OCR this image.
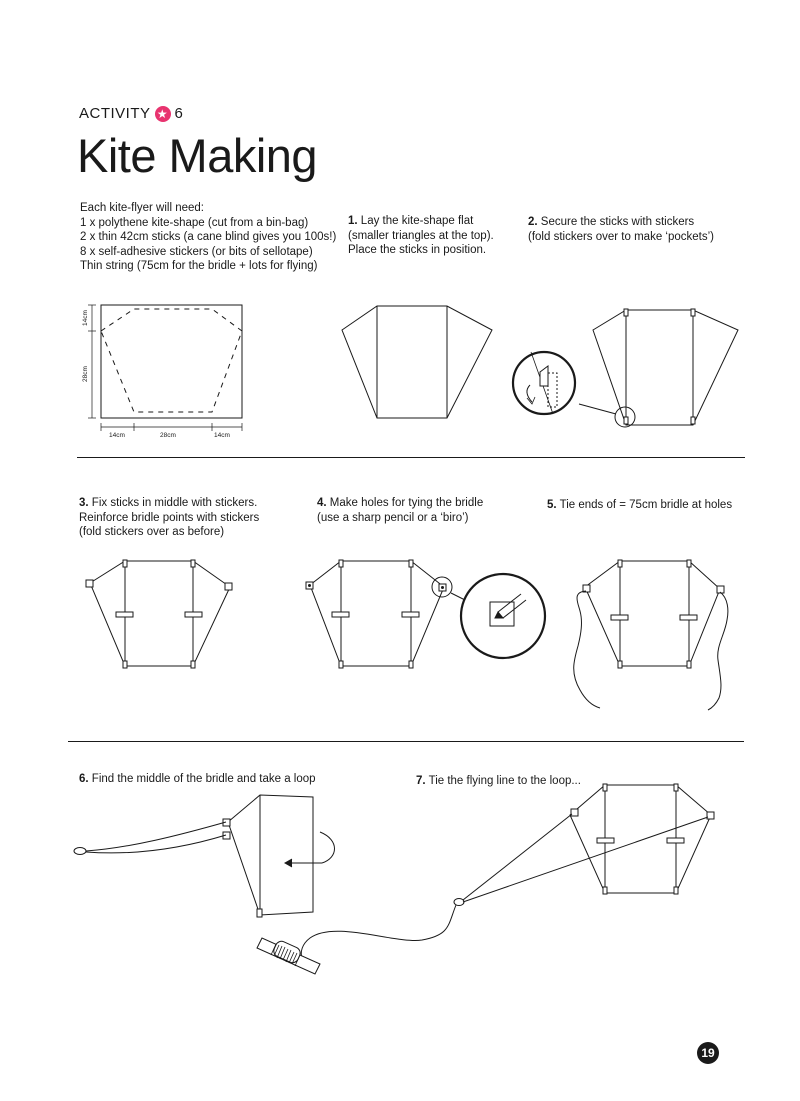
ACTIVITY ★ 6
Kite Making
Each kite-flyer will need:
1 x polythene kite-shape (cut from a bin-bag)
2 x thin 42cm sticks (a cane blind gives you 100s!)
8 x self-adhesive stickers (or bits of sellotape)
Thin string (75cm for the bridle + lots for flying)
1. Lay the kite-shape flat
(smaller triangles at the top).
Place the sticks in position.
2. Secure the sticks with stickers
(fold stickers over to make ‘pockets’)
3. Fix sticks in middle with stickers.
Reinforce bridle points with stickers
(fold stickers over as before)
4. Make holes for tying the bridle
(use a sharp pencil or a ‘biro’)
5. Tie ends of = 75cm bridle at holes
6. Find the middle of the bridle and take a loop	7. Tie the flying line to the loop...
14cm
28cm
14cm	28cm	14cm
19
